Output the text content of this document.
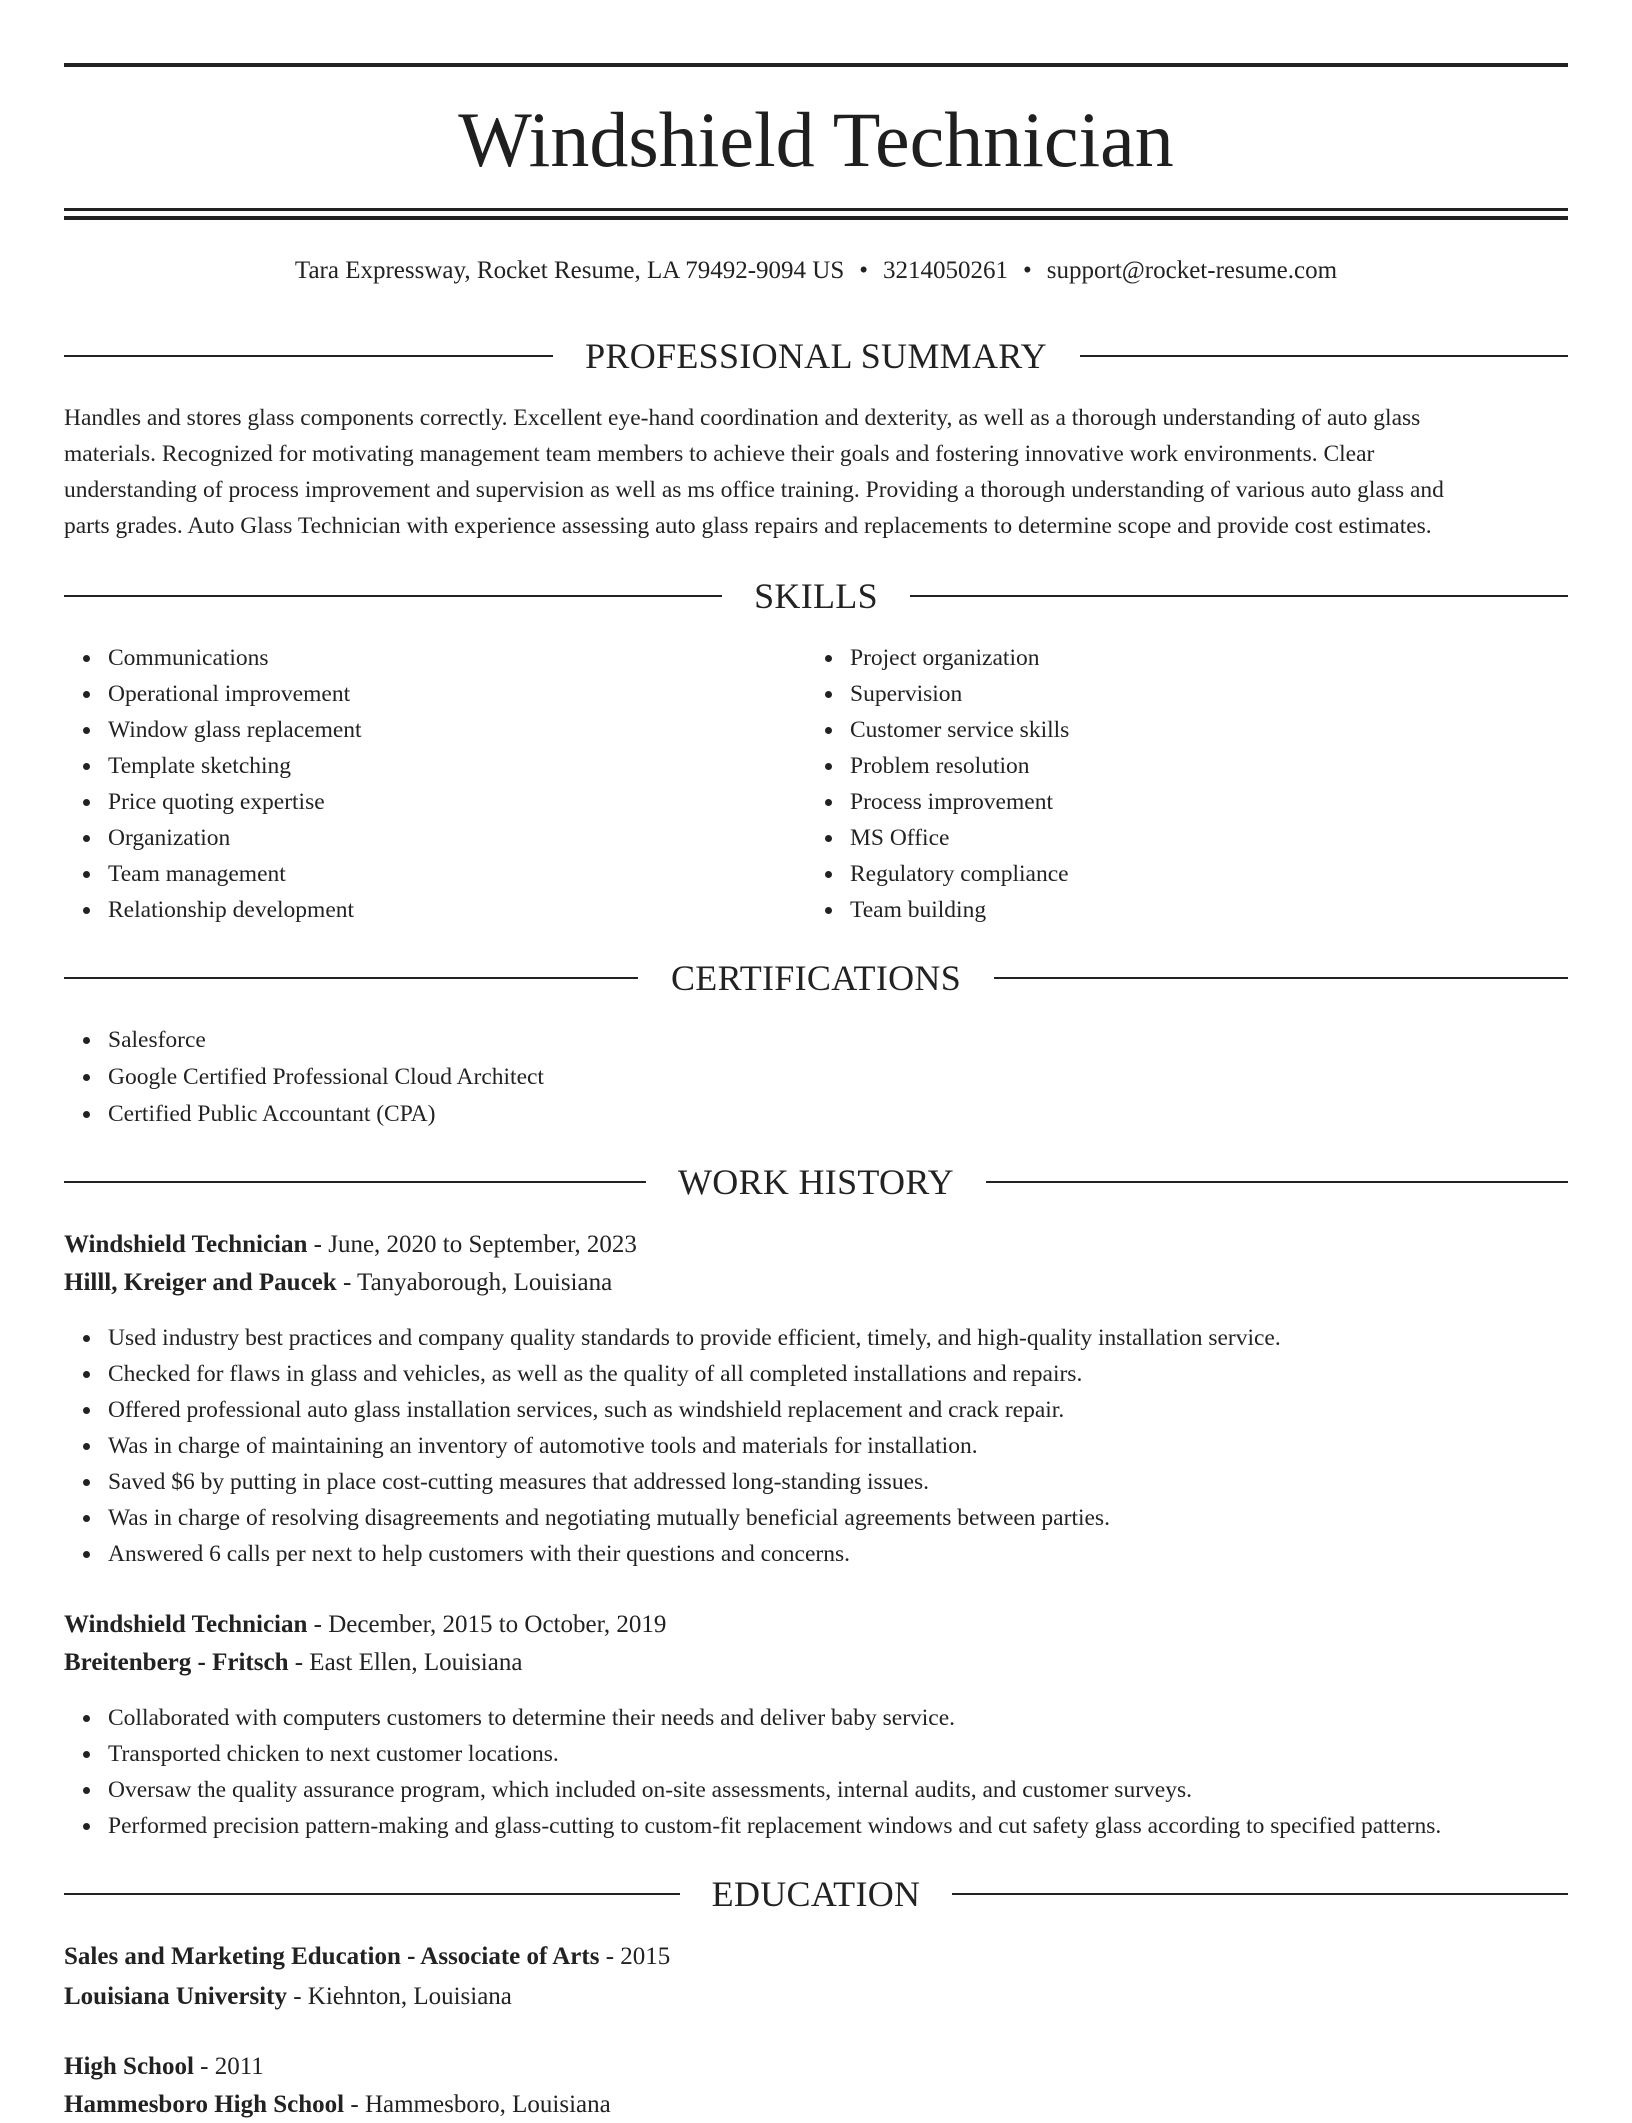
Windshield Technician
Tara Expressway, Rocket Resume, LA 79492-9094 US • 3214050261 • support@rocket-resume.com
PROFESSIONAL SUMMARY
Handles and stores glass components correctly. Excellent eye-hand coordination and dexterity, as well as a thorough understanding of auto glass
materials. Recognized for motivating management team members to achieve their goals and fostering innovative work environments. Clear
understanding of process improvement and supervision as well as ms office training. Providing a thorough understanding of various auto glass and
parts grades. Auto Glass Technician with experience assessing auto glass repairs and replacements to determine scope and provide cost estimates.
SKILLS
Communications
Operational improvement
Window glass replacement
Template sketching
Price quoting expertise
Organization
Team management
Relationship development
Project organization
Supervision
Customer service skills
Problem resolution
Process improvement
MS Office
Regulatory compliance
Team building
CERTIFICATIONS
Salesforce
Google Certified Professional Cloud Architect
Certified Public Accountant (CPA)
WORK HISTORY
Windshield Technician - June, 2020 to September, 2023
Hilll, Kreiger and Paucek - Tanyaborough, Louisiana
Used industry best practices and company quality standards to provide efficient, timely, and high-quality installation service.
Checked for flaws in glass and vehicles, as well as the quality of all completed installations and repairs.
Offered professional auto glass installation services, such as windshield replacement and crack repair.
Was in charge of maintaining an inventory of automotive tools and materials for installation.
Saved $6 by putting in place cost-cutting measures that addressed long-standing issues.
Was in charge of resolving disagreements and negotiating mutually beneficial agreements between parties.
Answered 6 calls per next to help customers with their questions and concerns.
Windshield Technician - December, 2015 to October, 2019
Breitenberg - Fritsch - East Ellen, Louisiana
Collaborated with computers customers to determine their needs and deliver baby service.
Transported chicken to next customer locations.
Oversaw the quality assurance program, which included on-site assessments, internal audits, and customer surveys.
Performed precision pattern-making and glass-cutting to custom-fit replacement windows and cut safety glass according to specified patterns.
EDUCATION
Sales and Marketing Education - Associate of Arts - 2015
Louisiana University - Kiehnton, Louisiana
High School - 2011
Hammesboro High School - Hammesboro, Louisiana
